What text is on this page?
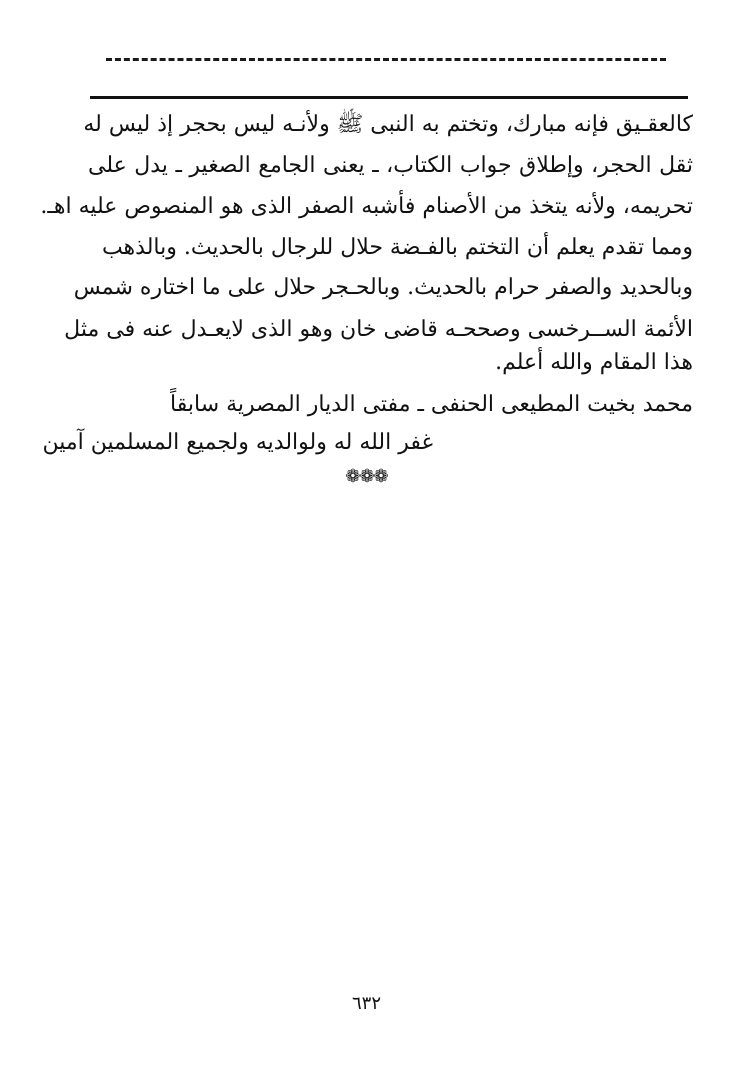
كالعقـيق فإنه مبارك، وتختم به النبى ﷺ ولأنـه ليس بحجر إذ ليس له

ثقل الحجر، وإطلاق جواب الكتاب، ـ يعنى الجامع الصغير ـ يدل على

تحريمه، ولأنه يتخذ من الأصنام فأشبه الصفر الذى هو المنصوص عليه اهـ.

ومما تقدم يعلم أن التختم بالفـضة حلال للرجال بالحديث. وبالذهب

وبالحديد والصفر حرام بالحديث. وبالحـجر حلال على ما اختاره شمس

الأئمة الســرخسى وصححـه قاضى خان وهو الذى لايعـدل عنه فى مثل

هذا المقام والله أعلم.

محمد بخيت المطيعى الحنفى ـ مفتى الديار المصرية سابقاً

غفر الله له ولوالديه ولجميع المسلمين آمين

❁❁❁
٦٣٢
